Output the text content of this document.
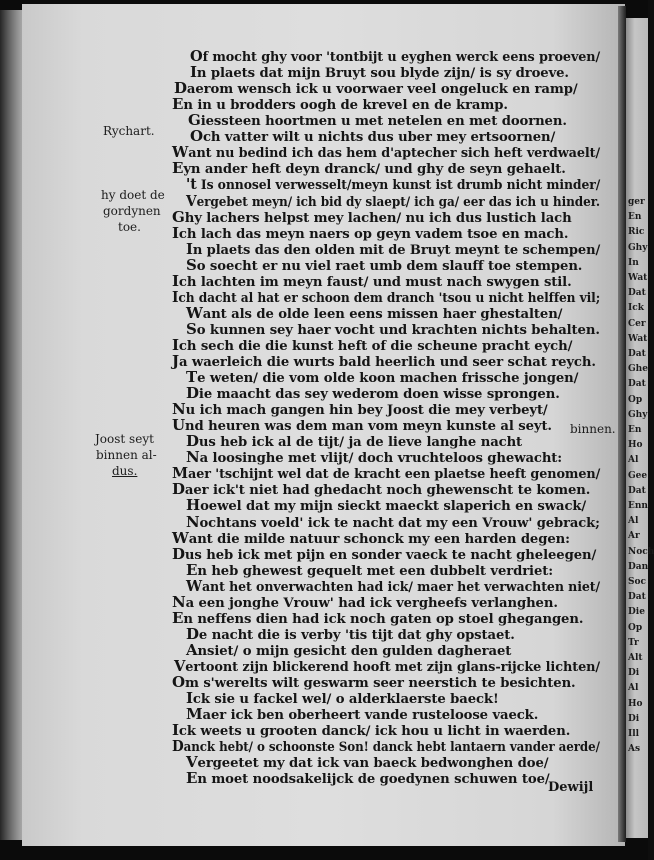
ger
En
Ric
Ghy
In
Wat
Dat
Ick
Cer
Wat
Dat
Ghe
Dat
Op
Ghy
En
Ho
Al
Gee
Dat
Enn
Al
Ar
Noch
Dan
Soc
Dat
Die
Op
Tr
Alt
Di
Al
Ho
Di
Ill
As
Of mocht ghy voor 'tontbijt u eyghen werck eens proeven/
In plaets dat mijn Bruyt sou blyde zijn/ is sy droeve.
Daerom wensch ick u voorwaer veel ongeluck en ramp/
En in u brodders oogh de krevel en de kramp.
Giessteen hoortmen u met netelen en met doornen.
Och vatter wilt u nichts dus uber mey ertsoornen/
Want nu bedind ich das hem d'aptecher sich heft verdwaelt/
Eyn ander heft deyn dranck/ und ghy de seyn gehaelt.
't Is onnosel verwesselt/meyn kunst ist drumb nicht minder/
Vergebet meyn/ ich bid dy slaept/ ich ga/ eer das ich u hinder.
Ghy lachers helpst mey lachen/ nu ich dus lustich lach
Ich lach das meyn naers op geyn vadem tsoe en mach.
In plaets das den olden mit de Bruyt meynt te schempen/
So soecht er nu viel raet umb dem slauff toe stempen.
Ich lachten im meyn faust/ und must nach swygen stil.
Ich dacht al hat er schoon dem dranch 'tsou u nicht helffen vil;
Want als de olde leen eens missen haer ghestalten/
So kunnen sey haer vocht und krachten nichts behalten.
Ich sech die die kunst heft of die scheune pracht eych/
Ja waerleich die wurts bald heerlich und seer schat reych.
Te weten/ die vom olde koon machen frissche jongen/
Die maacht das sey wederom doen wisse sprongen.
Nu ich mach gangen hin bey Joost die mey verbeyt/
Und heuren was dem man vom meyn kunste al seyt.
Dus heb ick al de tijt/ ja de lieve langhe nacht
Na loosinghe met vlijt/ doch vruchteloos ghewacht:
Maer 'tschijnt wel dat de kracht een plaetse heeft genomen/
Daer ick't niet had ghedacht noch ghewenscht te komen.
Hoewel dat my mijn sieckt maeckt slaperich en swack/
Nochtans voeld' ick te nacht dat my een Vrouw' gebrack;
Want die milde natuur schonck my een harden degen:
Dus heb ick met pijn en sonder vaeck te nacht gheleegen/
En heb ghewest gequelt met een dubbelt verdriet:
Want het onverwachten had ick/ maer het verwachten niet/
Na een jonghe Vrouw' had ick vergheefs verlanghen.
En neffens dien had ick noch gaten op stoel ghegangen.
De nacht die is verby 'tis tijt dat ghy opstaet.
Ansiet/ o mijn gesicht den gulden dagheraet
Vertoont zijn blickerend hooft met zijn glans-rijcke lichten/
Om s'werelts wilt geswarm seer neerstich te besichten.
Ick sie u fackel wel/ o alderklaerste baeck!
Maer ick ben oberheert vande rusteloose vaeck.
Ick weets u grooten danck/ ick hou u licht in waerden.
Danck hebt/ o schoonste Son! danck hebt lantaern vander aerde/
Vergeetet my dat ick van baeck bedwonghen doe/
En moet noodsakelijck de goedynen schuwen toe/
Rychart.
hy doet de
gordynen
toe.
binnen.
Joost seyt
binnen al-
dus.
Dewijl
